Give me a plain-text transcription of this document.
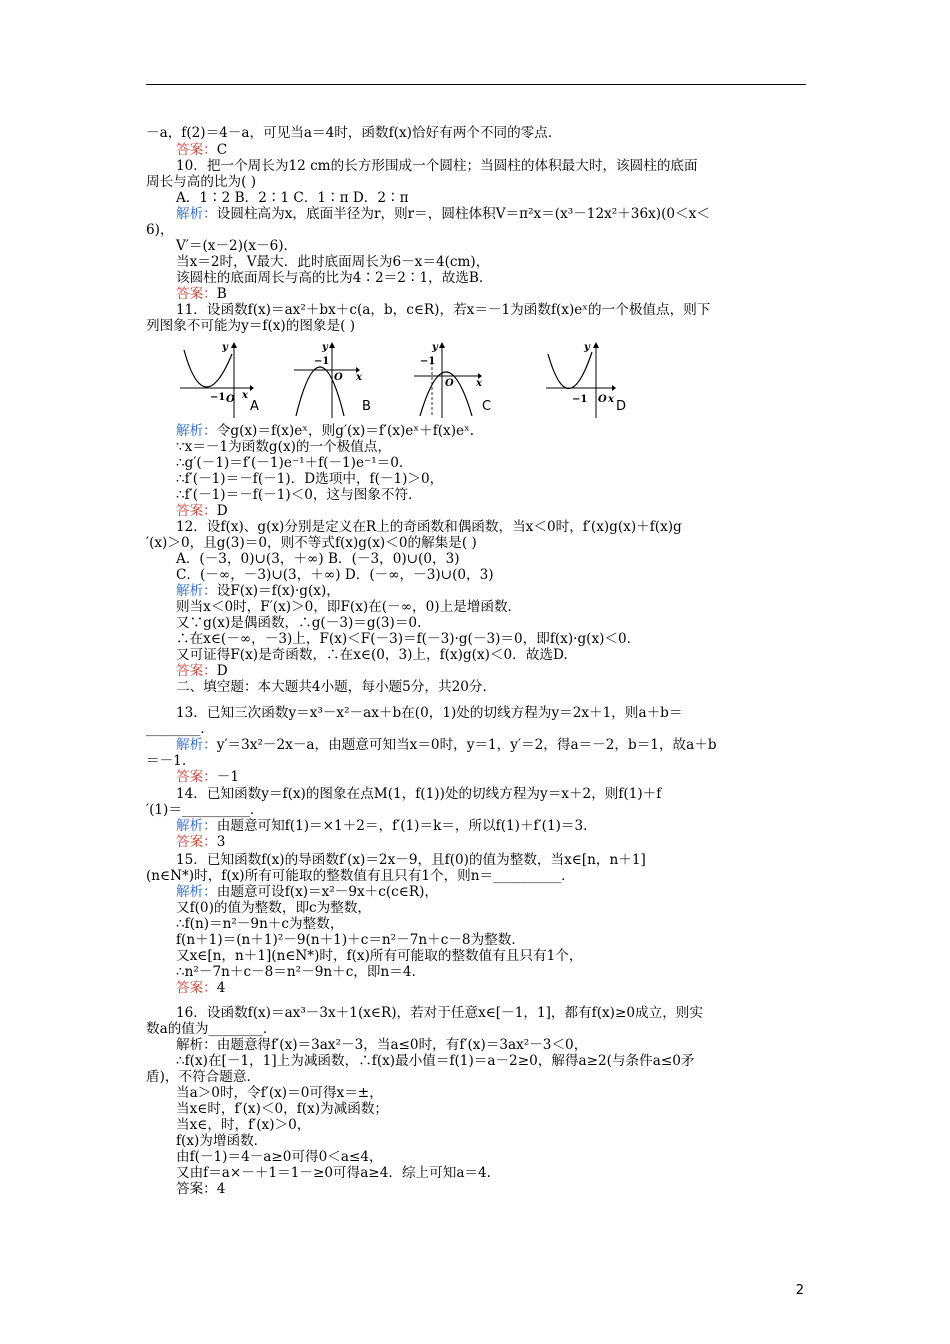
－a，f(2)＝4－a，可见当a＝4时，函数f(x)恰好有两个不同的零点．
答案：C
10．把一个周长为12 cm的长方形围成一个圆柱；当圆柱的体积最大时，该圆柱的底面
周长与高的比为( )
A．1∶2 B．2∶1 C．1∶π D．2∶π
解析：设圆柱高为x，底面半径为r，则r＝，圆柱体积V＝π²x＝(x³－12x²＋36x)(0＜x＜
6)，
V′＝(x－2)(x－6)．
当x＝2时，V最大．此时底面周长为6－x＝4(cm)，
该圆柱的底面周长与高的比为4∶2＝2∶1，故选B.
答案：B
11．设函数f(x)＝ax²＋bx＋c(a，b，c∈R)，若x＝－1为函数f(x)eˣ的一个极值点，则下
列图象不可能为y＝f(x)的图象是( )
解析：令g(x)＝f(x)eˣ，则g′(x)＝f′(x)eˣ＋f(x)eˣ.
∵x＝－1为函数g(x)的一个极值点，
∴g′(－1)＝f′(－1)e⁻¹＋f(－1)e⁻¹＝0.
∴f′(－1)＝－f(－1)．D选项中，f(－1)＞0，
∴f′(－1)＝－f(－1)＜0，这与图象不符．
答案：D
12．设f(x)、g(x)分别是定义在R上的奇函数和偶函数，当x＜0时，f′(x)g(x)＋f(x)g
′(x)＞0，且g(3)＝0，则不等式f(x)g(x)＜0的解集是( )
A．(－3，0)∪(3，＋∞) B．(－3，0)∪(0，3)
C．(－∞，－3)∪(3，＋∞) D．(－∞，－3)∪(0，3)
解析：设F(x)＝f(x)·g(x)，
则当x＜0时，F′(x)＞0，即F(x)在(－∞，0)上是增函数．
又∵g(x)是偶函数，∴g(－3)＝g(3)＝0.
∴在x∈(－∞，－3)上，F(x)＜F(－3)＝f(－3)·g(－3)＝0，即f(x)·g(x)＜0.
又可证得F(x)是奇函数，∴在x∈(0，3)上，f(x)g(x)＜0．故选D.
答案：D
二、填空题：本大题共4小题，每小题5分，共20分．
13．已知三次函数y＝x³－x²－ax＋b在(0，1)处的切线方程为y＝2x＋1，则a＋b＝
________．
解析：y′＝3x²－2x－a，由题意可知当x＝0时，y＝1，y′＝2，得a＝－2，b＝1，故a＋b
＝－1.
答案：－1
14．已知函数y＝f(x)的图象在点M(1，f(1))处的切线方程为y＝x＋2，则f(1)＋f
′(1)＝__________．
解析：由题意可知f(1)＝×1＋2＝，f′(1)＝k＝，所以f(1)＋f′(1)＝3.
答案：3
15．已知函数f(x)的导函数f′(x)＝2x－9，且f(0)的值为整数，当x∈[n，n＋1]
(n∈N*)时，f(x)所有可能取的整数值有且只有1个，则n＝__________．
解析：由题意可设f(x)＝x²－9x＋c(c∈R)，
又f(0)的值为整数，即c为整数，
∴f(n)＝n²－9n＋c为整数，
f(n＋1)＝(n＋1)²－9(n＋1)＋c＝n²－7n＋c－8为整数．
又x∈[n，n＋1](n∈N*)时，f(x)所有可能取的整数值有且只有1个，
∴n²－7n＋c－8＝n²－9n＋c，即n＝4.
答案：4
16．设函数f(x)＝ax³－3x＋1(x∈R)，若对于任意x∈[－1，1]，都有f(x)≥0成立，则实
数a的值为________．
解析：由题意得f′(x)＝3ax²－3，当a≤0时，有f′(x)＝3ax²－3＜0，
∴f(x)在[－1，1]上为减函数，∴f(x)最小值＝f(1)＝a－2≥0，解得a≥2(与条件a≤0矛
盾)，不符合题意．
当a＞0时，令f′(x)＝0可得x＝±，
当x∈时，f′(x)＜0，f(x)为减函数；
当x∈，时，f′(x)＞0，
f(x)为增函数．
由f(－1)＝4－a≥0可得0＜a≤4，
又由f＝a×－＋1＝1－≥0可得a≥4．综上可知a＝4.
答案：4
y
x
O
−1
A
y
x
O
−1
B
y
x
O
−1
C
y
x
O
−1 D
2
